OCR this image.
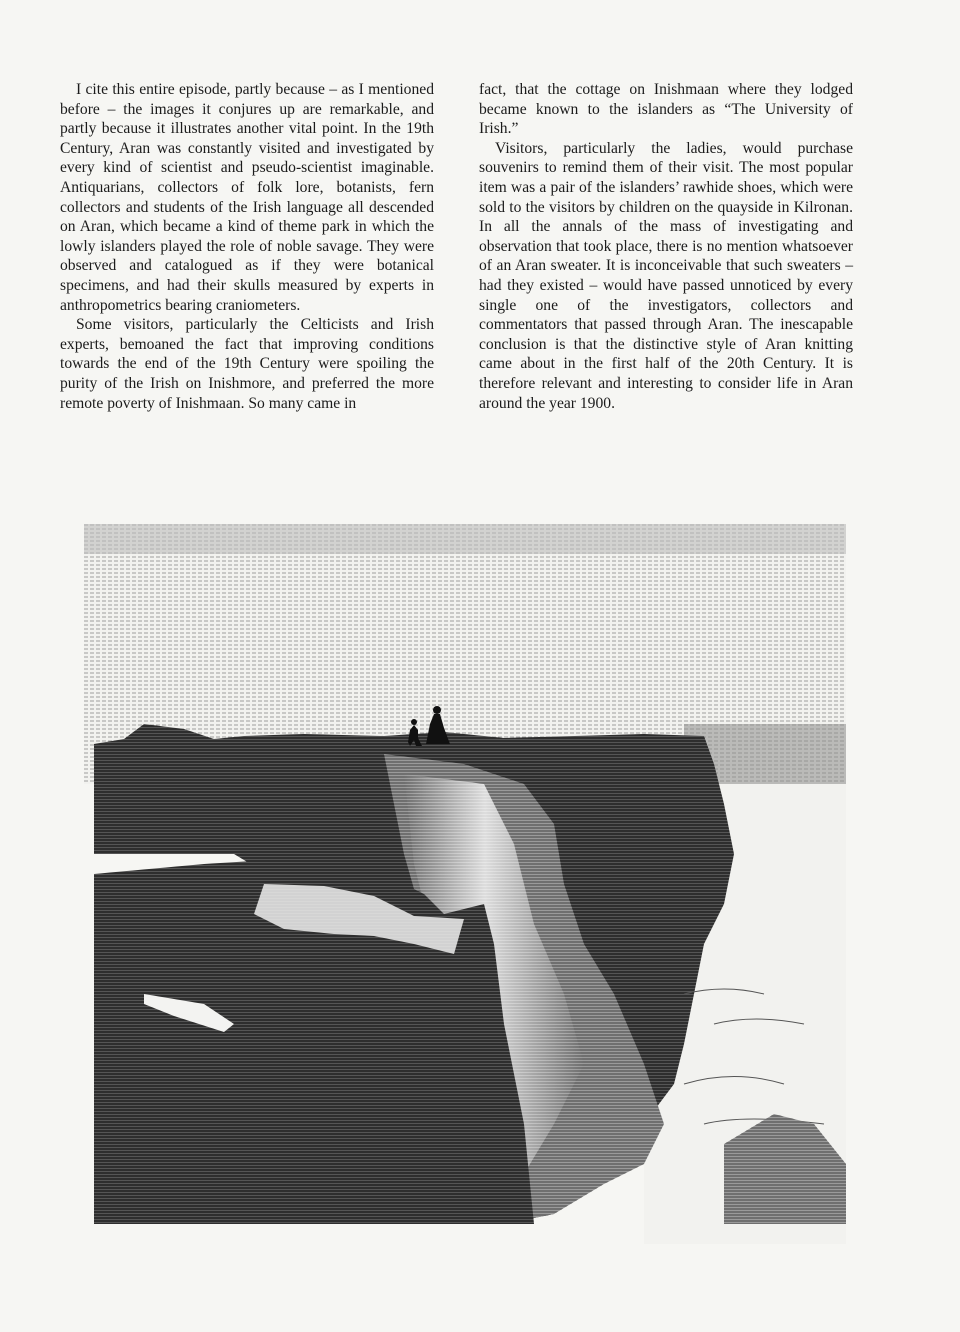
I cite this entire episode, partly because – as I mentioned before – the images it conjures up are remarkable, and partly because it illustrates another vital point. In the 19th Century, Aran was constantly visited and investigated by every kind of scientist and pseudo-scientist imaginable. Antiquarians, collectors of folk lore, botanists, fern collectors and students of the Irish language all descended on Aran, which became a kind of theme park in which the lowly islanders played the role of noble savage. They were observed and catalogued as if they were botanical specimens, and had their skulls measured by experts in anthropometrics bearing craniometers.

Some visitors, particularly the Celticists and Irish experts, bemoaned the fact that improving conditions towards the end of the 19th Century were spoiling the purity of the Irish on Inishmore, and preferred the more remote poverty of Inishmaan. So many came in

fact, that the cottage on Inishmaan where they lodged became known to the islanders as “The University of Irish.”

Visitors, particularly the ladies, would purchase souvenirs to remind them of their visit. The most popular item was a pair of the islanders’ rawhide shoes, which were sold to the visitors by children on the quayside in Kilronan. In all the annals of the mass of investigating and observation that took place, there is no mention whatsoever of an Aran sweater. It is inconceivable that such sweaters – had they existed – would have passed unnoticed by every single one of the investigators, collectors and commentators that passed through Aran. The inescapable conclusion is that the distinctive style of Aran knitting came about in the first half of the 20th Century. It is therefore relevant and interesting to consider life in Aran around the year 1900.
